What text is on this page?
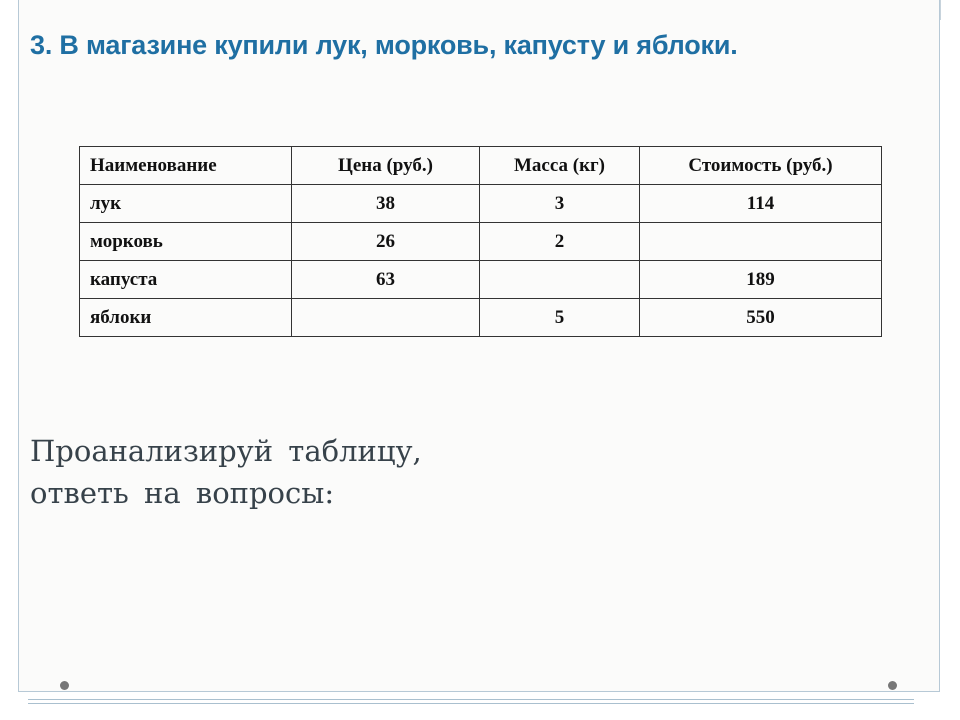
3. В магазине купили лук, морковь, капусту и яблоки.
Наименование	Цена (руб.)	Масса (кг)	Стоимость (руб.)
лук	38	3	114
морковь	26	2	
капуста	63		189
яблоки		5	550
Проанализируй таблицу,
ответь на вопросы:
